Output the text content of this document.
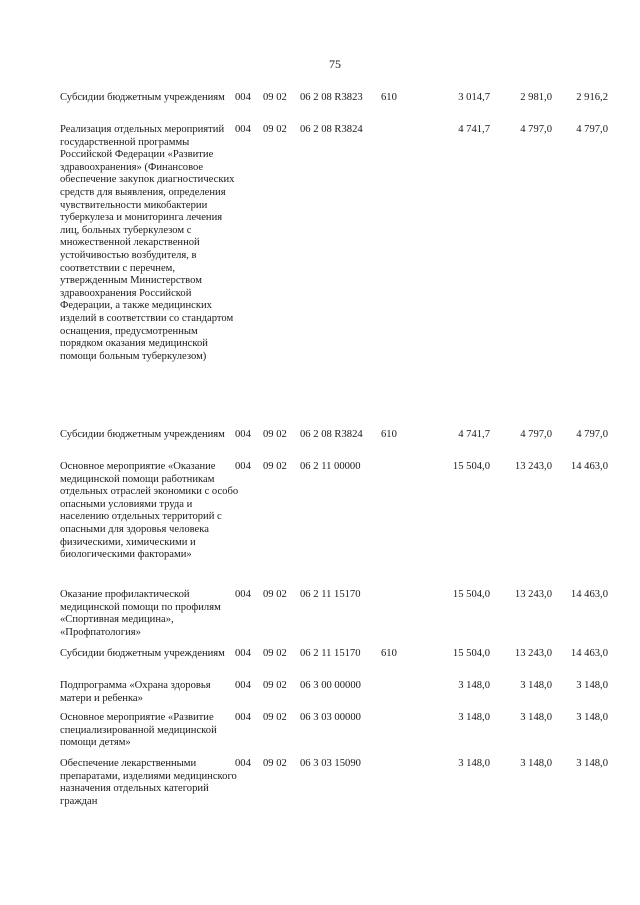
75
Субсидии бюджетным учреждениям 004 09 02 06 2 08 R3823 610	3 014,7	2 981,0	2 916,2
Реализация отдельных мероприятий государственной программы Российской Федерации «Развитие здравоохранения» (Финансовое обеспечение закупок диагностических средств для выявления, определения чувствительности микобактерии туберкулеза и мониторинга лечения лиц, больных туберкулезом с множественной лекарственной устойчивостью возбудителя, в соответствии с перечнем, утвержденным Министерством здравоохранения Российской Федерации, а также медицинских изделий в соответствии со стандартом оснащения, предусмотренным порядком оказания медицинской помощи больным туберкулезом)
004 09 02 06 2 08 R3824	4 741,7	4 797,0	4 797,0
Субсидии бюджетным учреждениям 004 09 02 06 2 08 R3824 610	4 741,7	4 797,0	4 797,0
Основное мероприятие «Оказание медицинской помощи работникам отдельных отраслей экономики с особо опасными условиями труда и населению отдельных территорий с опасными для здоровья человека физическими, химическими и биологическими факторами»
004 09 02 06 2 11 00000	15 504,0	13 243,0	14 463,0
Оказание профилактической медицинской помощи по профилям «Спортивная медицина», «Профпатология»
004 09 02 06 2 11 15170	15 504,0	13 243,0	14 463,0
Субсидии бюджетным учреждениям 004 09 02 06 2 11 15170 610	15 504,0	13 243,0	14 463,0
Подпрограмма «Охрана здоровья матери и ребенка»
004 09 02 06 3 00 00000	3 148,0	3 148,0	3 148,0
Основное мероприятие «Развитие специализированной медицинской помощи детям»
004 09 02 06 3 03 00000	3 148,0	3 148,0	3 148,0
Обеспечение лекарственными препаратами, изделиями медицинского назначения отдельных категорий граждан
004 09 02 06 3 03 15090	3 148,0	3 148,0	3 148,0
